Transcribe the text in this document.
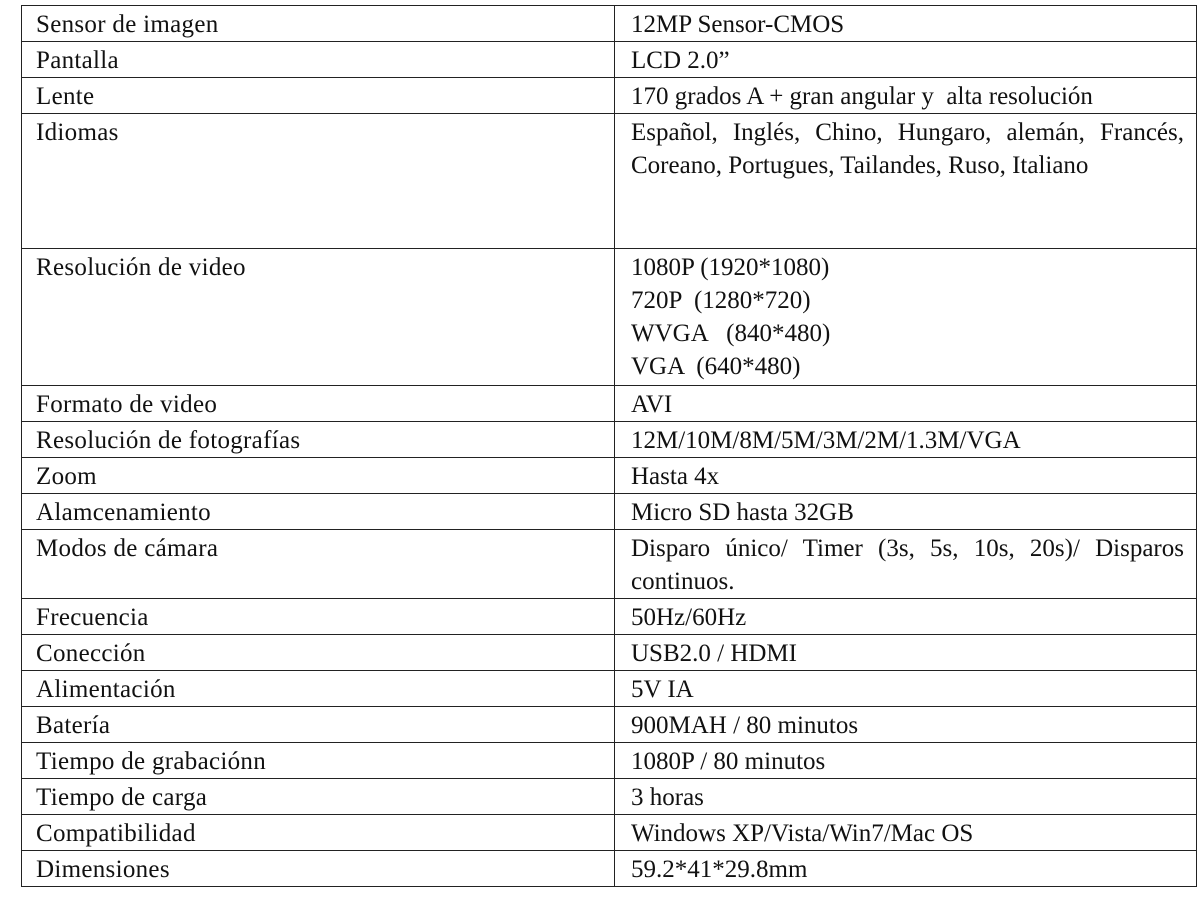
Sensor de imagen	12MP Sensor-CMOS
Pantalla	LCD 2.0”
Lente	170 grados A + gran angular y  alta resolución
Idiomas	Español, Inglés, Chino, Hungaro, alemán, Francés, Coreano, Portugues, Tailandes, Ruso, Italiano
Resolución de video	1080P (1920*1080)
720P  (1280*720)
WVGA   (840*480)
VGA  (640*480)

Formato de video	AVI
Resolución de fotografías	12M/10M/8M/5M/3M/2M/1.3M/VGA
Zoom	Hasta 4x
Alamcenamiento	Micro SD hasta 32GB
Modos de cámara	Disparo único/ Timer (3s, 5s, 10s, 20s)/ Disparos continuos.
Frecuencia	50Hz/60Hz
Conección	USB2.0 / HDMI
Alimentación	5V IA
Batería	900MAH / 80 minutos
Tiempo de grabaciónn	1080P / 80 minutos
Tiempo de carga	3 horas
Compatibilidad	Windows XP/Vista/Win7/Mac OS
Dimensiones	59.2*41*29.8mm
